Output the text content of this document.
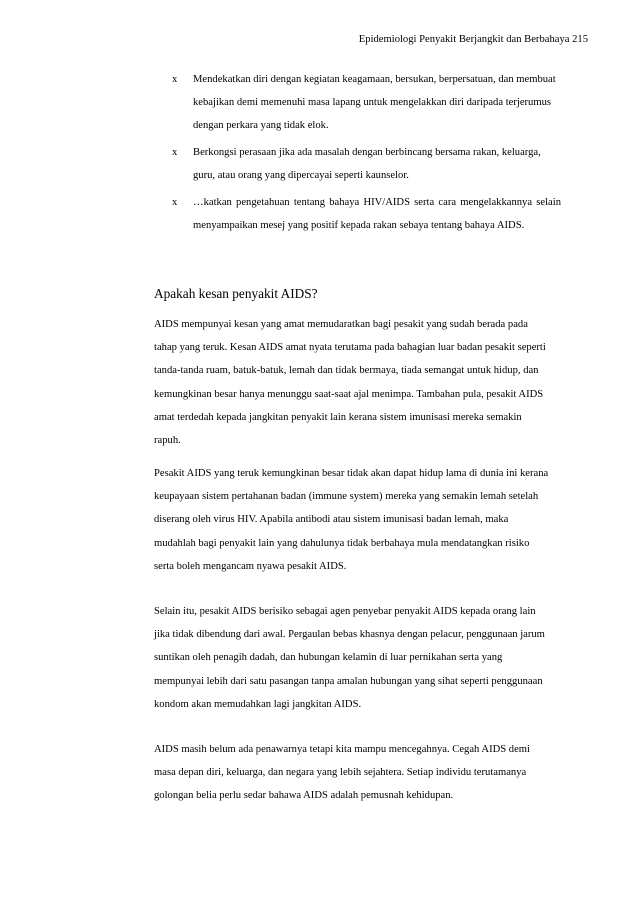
Epidemiologi Penyakit Berjangkit dan Berbahaya 215
x Mendekatkan diri dengan kegiatan keagamaan, bersukan, berpersatuan, dan membuat kebajikan demi memenuhi masa lapang untuk mengelakkan diri daripada terjerumus dengan perkara yang tidak elok.
x Berkongsi perasaan jika ada masalah dengan berbincang bersama rakan, keluarga, guru, atau orang yang dipercayai seperti kaunselor.
x …katkan pengetahuan tentang bahaya HIV/AIDS serta cara mengelakkannya selain menyampaikan mesej yang positif kepada rakan sebaya tentang bahaya AIDS.
Apakah kesan penyakit AIDS?

AIDS mempunyai kesan yang amat memudaratkan bagi pesakit yang sudah berada pada tahap yang teruk. Kesan AIDS amat nyata terutama pada bahagian luar badan pesakit seperti tanda-tanda ruam, batuk-batuk, lemah dan tidak bermaya, tiada semangat untuk hidup, dan kemungkinan besar hanya menunggu saat-saat ajal menimpa. Tambahan pula, pesakit AIDS amat terdedah kepada jangkitan penyakit lain kerana sistem imunisasi mereka semakin rapuh.

Pesakit AIDS yang teruk kemungkinan besar tidak akan dapat hidup lama di dunia ini kerana keupayaan sistem pertahanan badan (immune system) mereka yang semakin lemah setelah diserang oleh virus HIV. Apabila antibodi atau sistem imunisasi badan lemah, maka mudahlah bagi penyakit lain yang dahulunya tidak berbahaya mula mendatangkan risiko serta boleh mengancam nyawa pesakit AIDS.

Selain itu, pesakit AIDS berisiko sebagai agen penyebar penyakit AIDS kepada orang lain jika tidak dibendung dari awal. Pergaulan bebas khasnya dengan pelacur, penggunaan jarum suntikan oleh penagih dadah, dan hubungan kelamin di luar pernikahan serta yang mempunyai lebih dari satu pasangan tanpa amalan hubungan yang sihat seperti penggunaan kondom akan memudahkan lagi jangkitan AIDS.

AIDS masih belum ada penawarnya tetapi kita mampu mencegahnya. Cegah AIDS demi masa depan diri, keluarga, dan negara yang lebih sejahtera. Setiap individu terutamanya golongan belia perlu sedar bahawa AIDS adalah pemusnah kehidupan.
